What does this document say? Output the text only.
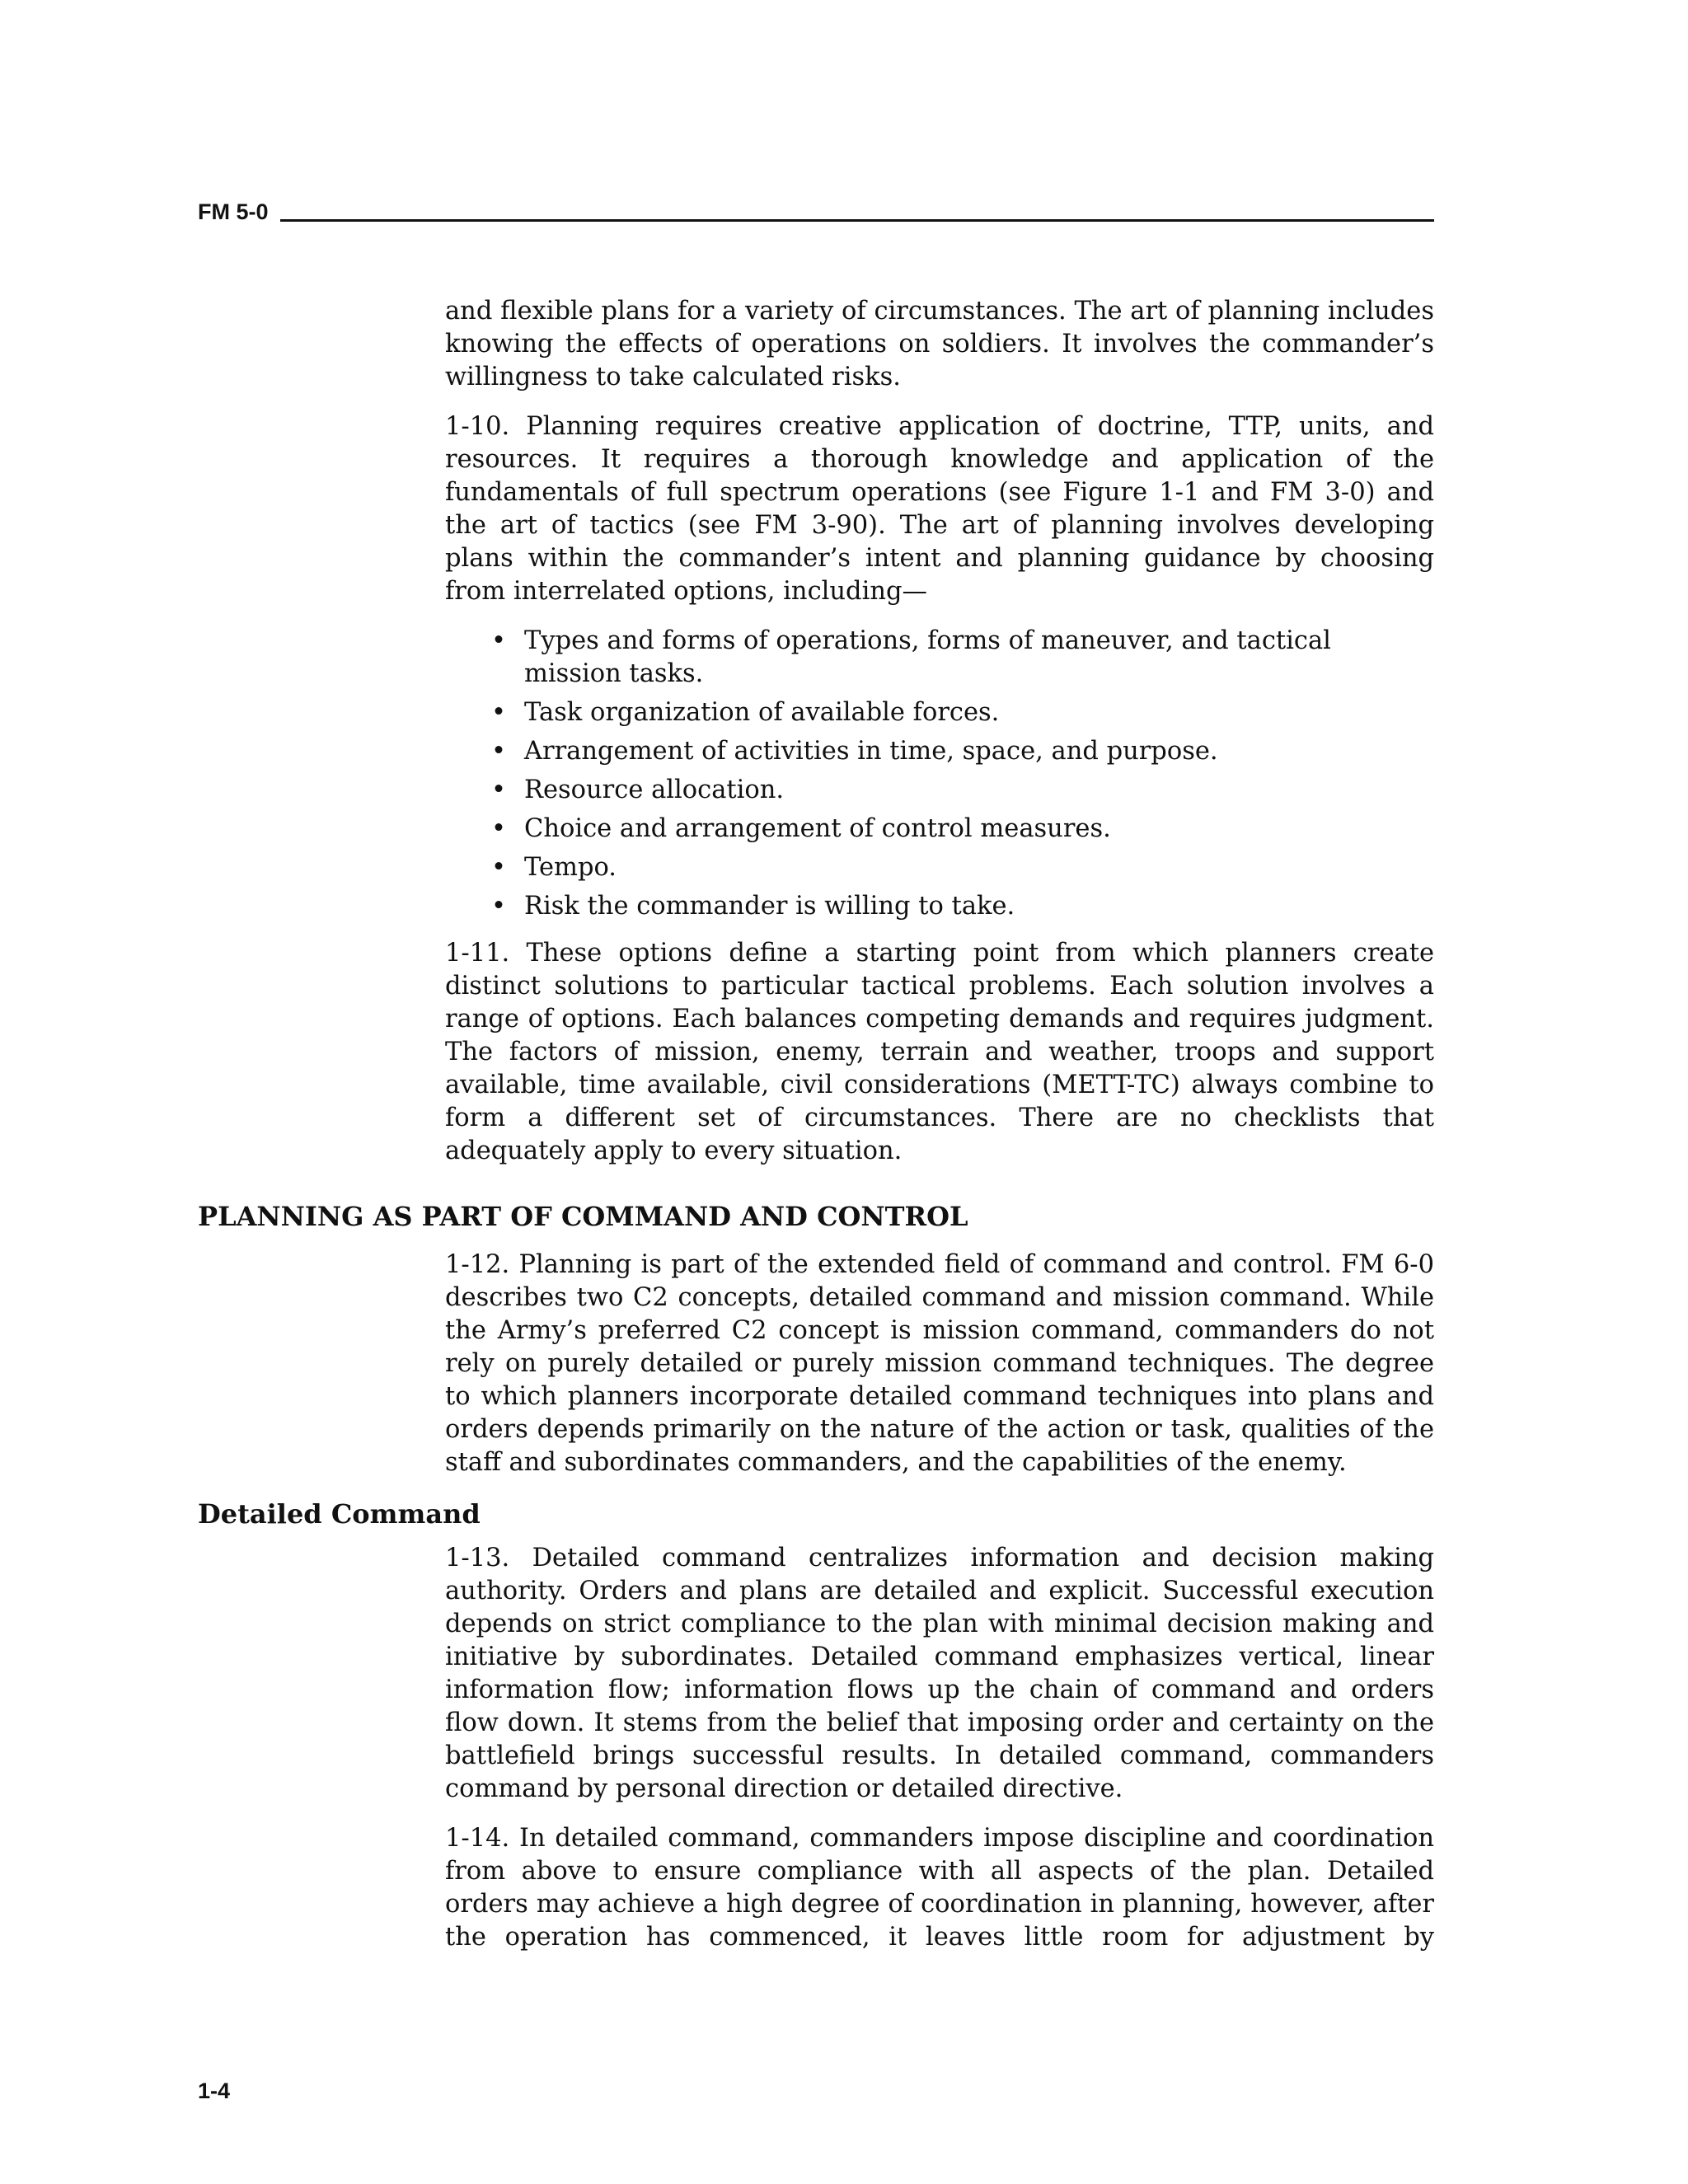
FM 5-0

and flexible plans for a variety of circumstances. The art of planning includes knowing the effects of operations on soldiers. It involves the commander’s willingness to take calculated risks.

1-10. Planning requires creative application of doctrine, TTP, units, and resources. It requires a thorough knowledge and application of the fundamentals of full spectrum operations (see Figure 1-1 and FM 3-0) and the art of tactics (see FM 3-90). The art of planning involves developing plans within the commander’s intent and planning guidance by choosing from interrelated options, including—

• Types and forms of operations, forms of maneuver, and tactical mission tasks.
• Task organization of available forces.
• Arrangement of activities in time, space, and purpose.
• Resource allocation.
• Choice and arrangement of control measures.
• Tempo.
• Risk the commander is willing to take.

1-11. These options define a starting point from which planners create distinct solutions to particular tactical problems. Each solution involves a range of options. Each balances competing demands and requires judgment. The factors of mission, enemy, terrain and weather, troops and support available, time available, civil considerations (METT-TC) always combine to form a different set of circumstances. There are no checklists that adequately apply to every situation.

PLANNING AS PART OF COMMAND AND CONTROL

1-12. Planning is part of the extended field of command and control. FM 6-0 describes two C2 concepts, detailed command and mission command. While the Army’s preferred C2 concept is mission command, commanders do not rely on purely detailed or purely mission command techniques. The degree to which planners incorporate detailed command techniques into plans and orders depends primarily on the nature of the action or task, qualities of the staff and subordinates commanders, and the capabilities of the enemy.

Detailed Command

1-13. Detailed command centralizes information and decision making authority. Orders and plans are detailed and explicit. Successful execution depends on strict compliance to the plan with minimal decision making and initiative by subordinates. Detailed command emphasizes vertical, linear information flow; information flows up the chain of command and orders flow down. It stems from the belief that imposing order and certainty on the battlefield brings successful results. In detailed command, commanders command by personal direction or detailed directive.

1-14. In detailed command, commanders impose discipline and coordination from above to ensure compliance with all aspects of the plan. Detailed orders may achieve a high degree of coordination in planning, however, after the operation has commenced, it leaves little room for adjustment by

1-4
